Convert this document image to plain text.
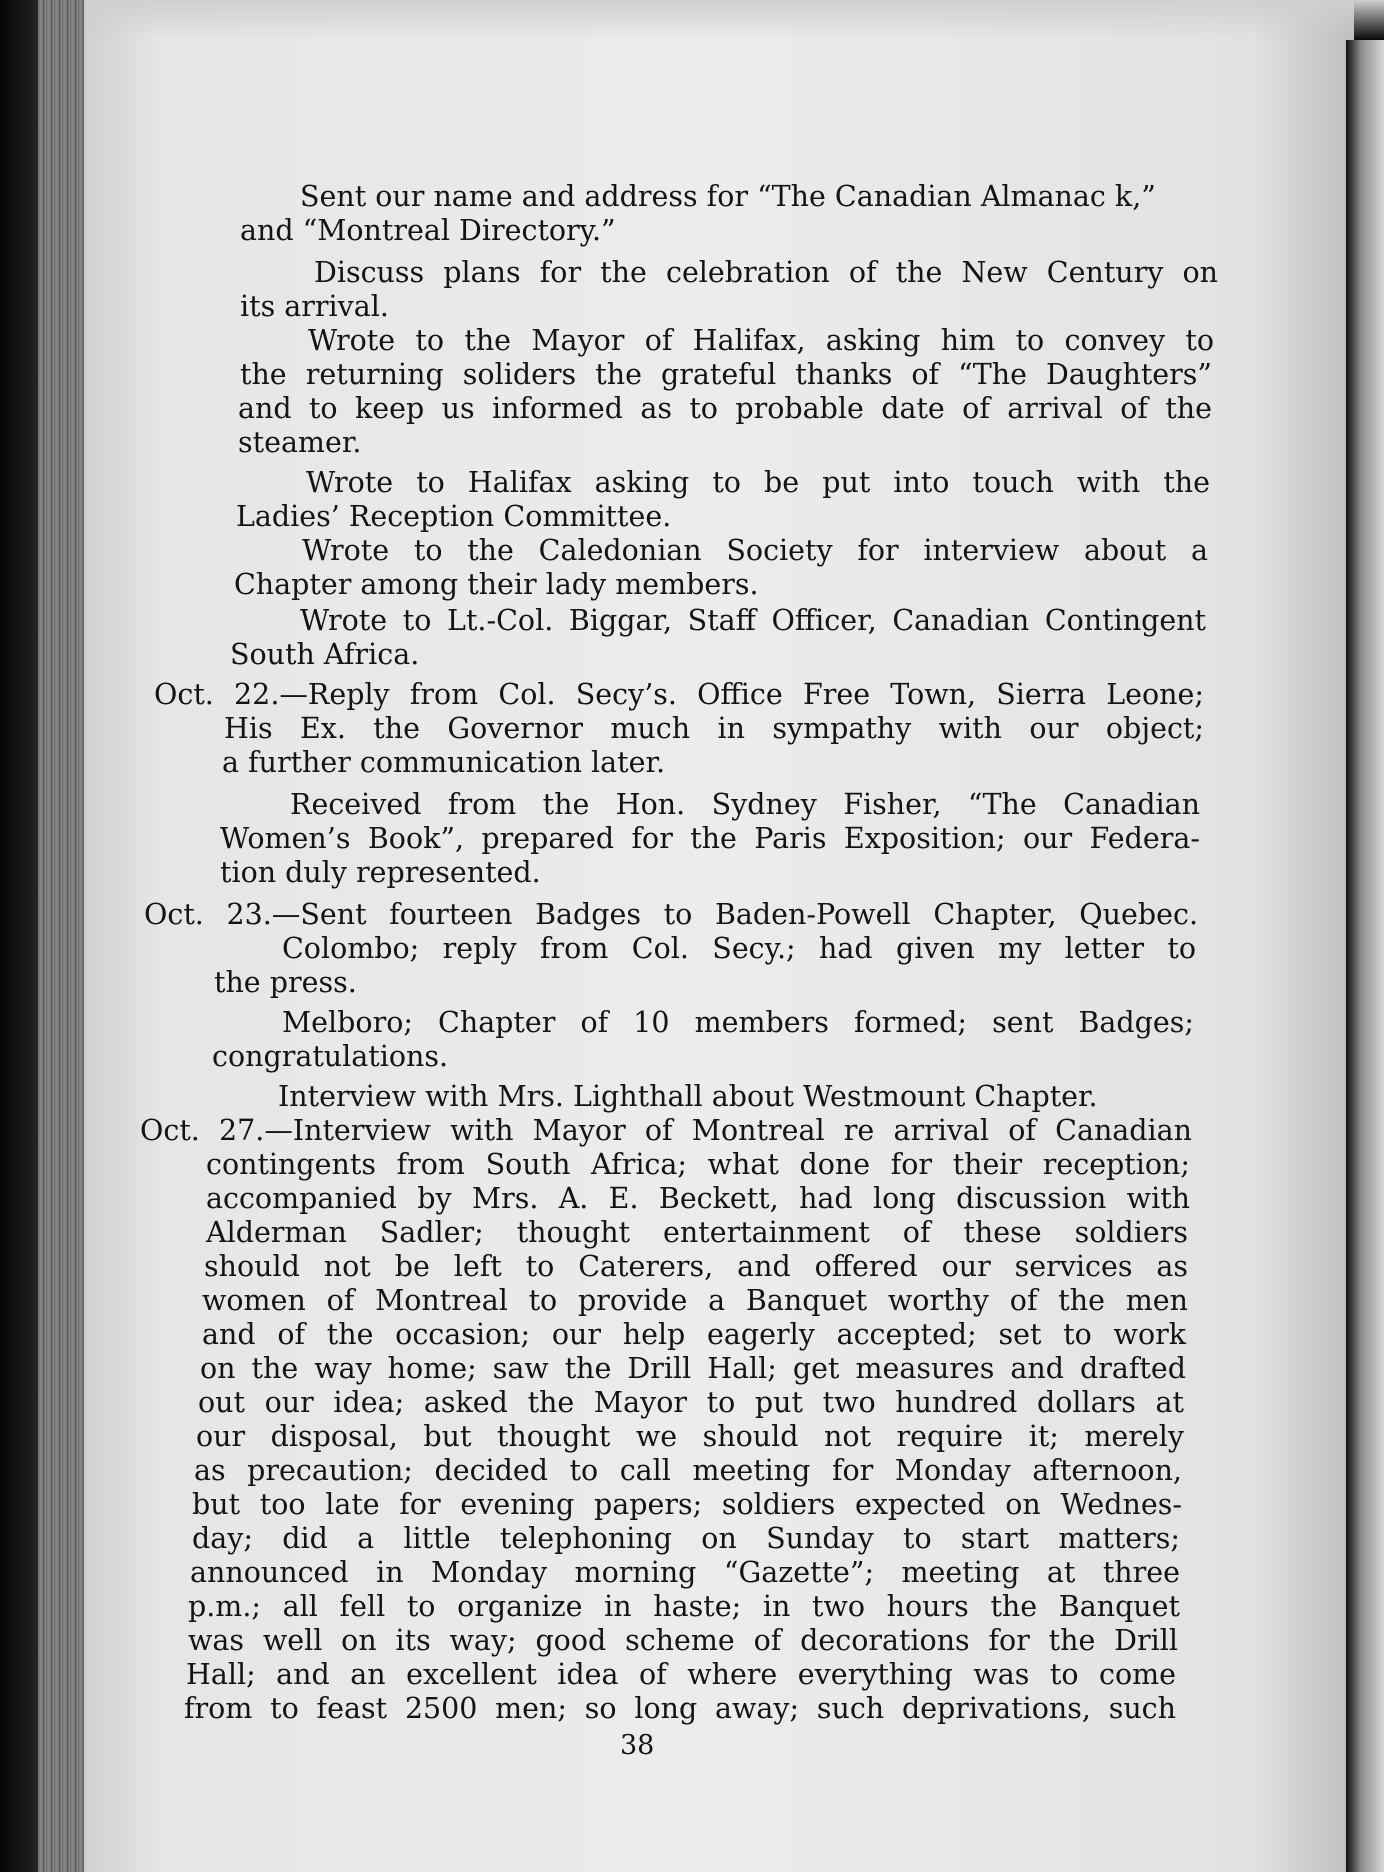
Sent our name and address for “The Canadian Almanac k,”
and “Montreal Directory.”
Discuss plans for the celebration of the New Century on
its arrival.
Wrote to the Mayor of Halifax, asking him to convey to
the returning soliders the grateful thanks of “The Daughters”
and to keep us informed as to probable date of arrival of the
steamer.
Wrote to Halifax asking to be put into touch with the
Ladies’ Reception Committee.
Wrote to the Caledonian Society for interview about a
Chapter among their lady members.
Wrote to Lt.-Col. Biggar, Staff Officer, Canadian Contingent
South Africa.
Oct. 22.—Reply from Col. Secy’s. Office Free Town, Sierra Leone;
His Ex. the Governor much in sympathy with our object;
a further communication later.
Received from the Hon. Sydney Fisher, “The Canadian
Women’s Book”, prepared for the Paris Exposition; our Federa-
tion duly represented.
Oct. 23.—Sent fourteen Badges to Baden-Powell Chapter, Quebec.
Colombo; reply from Col. Secy.; had given my letter to
the press.
Melboro; Chapter of 10 members formed; sent Badges;
congratulations.
Interview with Mrs. Lighthall about Westmount Chapter.
Oct. 27.—Interview with Mayor of Montreal re arrival of Canadian
contingents from South Africa; what done for their reception;
accompanied by Mrs. A. E. Beckett, had long discussion with
Alderman Sadler; thought entertainment of these soldiers
should not be left to Caterers, and offered our services as
women of Montreal to provide a Banquet worthy of the men
and of the occasion; our help eagerly accepted; set to work
on the way home; saw the Drill Hall; get measures and drafted
out our idea; asked the Mayor to put two hundred dollars at
our disposal, but thought we should not require it; merely
as precaution; decided to call meeting for Monday afternoon,
but too late for evening papers; soldiers expected on Wednes-
day; did a little telephoning on Sunday to start matters;
announced in Monday morning “Gazette”; meeting at three
p.m.; all fell to organize in haste; in two hours the Banquet
was well on its way; good scheme of decorations for the Drill
Hall; and an excellent idea of where everything was to come
from to feast 2500 men; so long away; such deprivations, such
38
